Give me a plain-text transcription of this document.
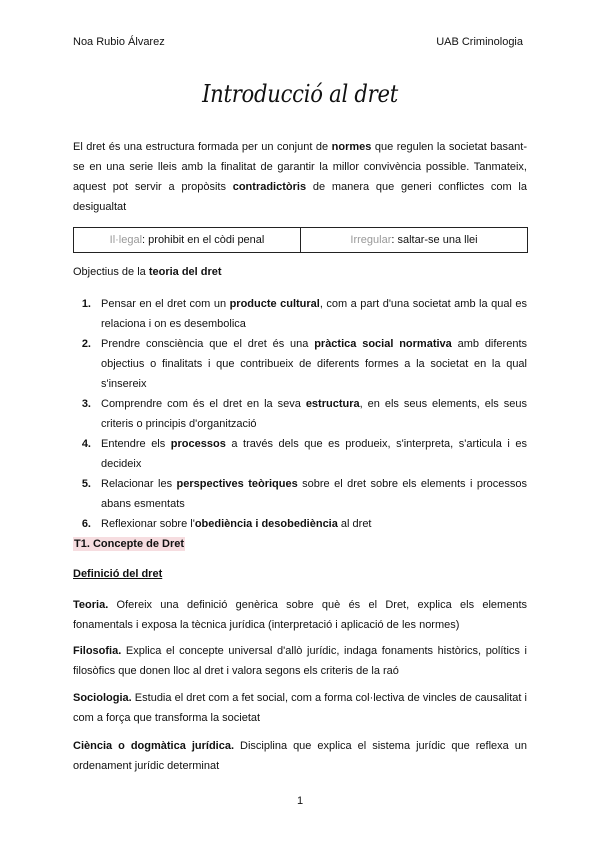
Noa Rubio Álvarez	UAB Criminologia
Introducció al dret
El dret és una estructura formada per un conjunt de normes que regulen la societat basant-se en una serie lleis amb la finalitat de garantir la millor convivència possible. Tanmateix, aquest pot servir a propòsits contradictòris de manera que generi conflictes com la desigualtat
Il·legal : prohibit en el còdi penal	Irregular : saltar-se una llei
Objectius de la teoria del dret
1. Pensar en el dret com un producte cultural, com a part d'una societat amb la qual es relaciona i on es desembolica
2. Prendre consciència que el dret és una pràctica social normativa amb diferents objectius o finalitats i que contribueix de diferents formes a la societat en la qual s'insereix
3. Comprendre com és el dret en la seva estructura, en els seus elements, els seus criteris o principis d'organització
4. Entendre els processos a través dels que es produeix, s'interpreta, s'articula i es decideix
5. Relacionar les perspectives teòriques sobre el dret sobre els elements i processos abans esmentats
6. Reflexionar sobre l'obediència i desobediència al dret
T1. Concepte de Dret
Definició del dret
Teoria. Ofereix una definició genèrica sobre què és el Dret, explica els elements fonamentals i exposa la tècnica jurídica (interpretació i aplicació de les normes)
Filosofia. Explica el concepte universal d'allò jurídic, indaga fonaments històrics, polítics i filosòfics que donen lloc al dret i valora segons els criteris de la raó
Sociologia. Estudia el dret com a fet social, com a forma col·lectiva de vincles de causalitat i com a força que transforma la societat
Ciència o dogmàtica jurídica. Disciplina que explica el sistema jurídic que reflexa un ordenament jurídic determinat
1
